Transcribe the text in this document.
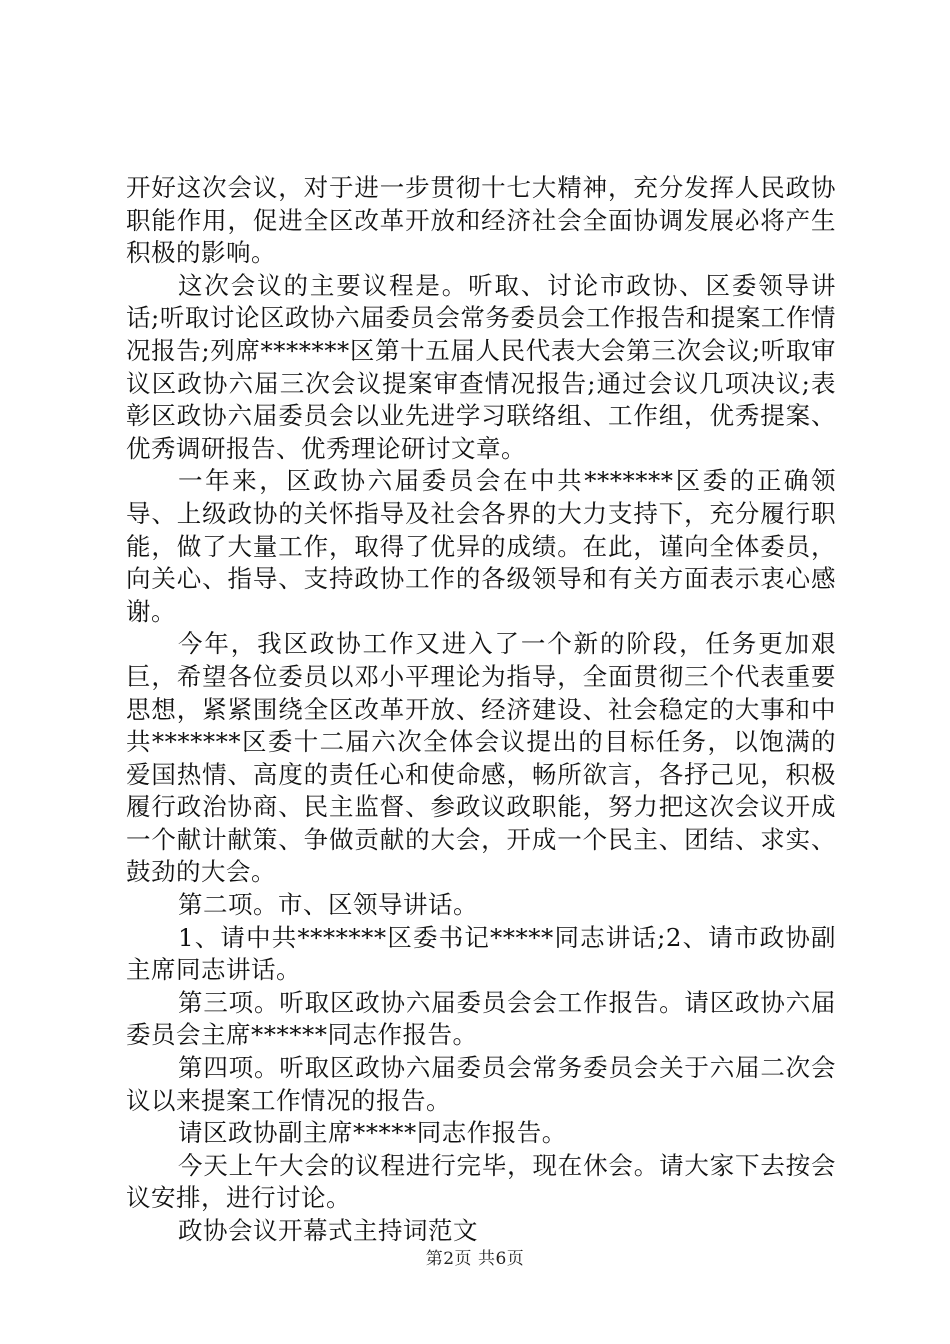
开好这次会议，对于进一步贯彻十七大精神，充分发挥人民政协职能作用，促进全区改革开放和经济社会全面协调发展必将产生积极的影响。

这次会议的主要议程是。听取、讨论市政协、区委领导讲话;听取讨论区政协六届委员会常务委员会工作报告和提案工作情况报告;列席*******区第十五届人民代表大会第三次会议;听取审议区政协六届三次会议提案审查情况报告;通过会议几项决议;表彰区政协六届委员会以业先进学习联络组、工作组，优秀提案、优秀调研报告、优秀理论研讨文章。

一年来，区政协六届委员会在中共*******区委的正确领导、上级政协的关怀指导及社会各界的大力支持下，充分履行职能，做了大量工作，取得了优异的成绩。在此，谨向全体委员，向关心、指导、支持政协工作的各级领导和有关方面表示衷心感谢。

今年，我区政协工作又进入了一个新的阶段，任务更加艰巨，希望各位委员以邓小平理论为指导，全面贯彻三个代表重要思想，紧紧围绕全区改革开放、经济建设、社会稳定的大事和中共*******区委十二届六次全体会议提出的目标任务，以饱满的爱国热情、高度的责任心和使命感，畅所欲言，各抒己见，积极履行政治协商、民主监督、参政议政职能，努力把这次会议开成一个献计献策、争做贡献的大会，开成一个民主、团结、求实、鼓劲的大会。

第二项。市、区领导讲话。

1、请中共*******区委书记*****同志讲话;2、请市政协副主席同志讲话。

第三项。听取区政协六届委员会会工作报告。请区政协六届委员会主席******同志作报告。

第四项。听取区政协六届委员会常务委员会关于六届二次会议以来提案工作情况的报告。

请区政协副主席*****同志作报告。

今天上午大会的议程进行完毕，现在休会。请大家下去按会议安排，进行讨论。

政协会议开幕式主持词范文

第2页 共6页
